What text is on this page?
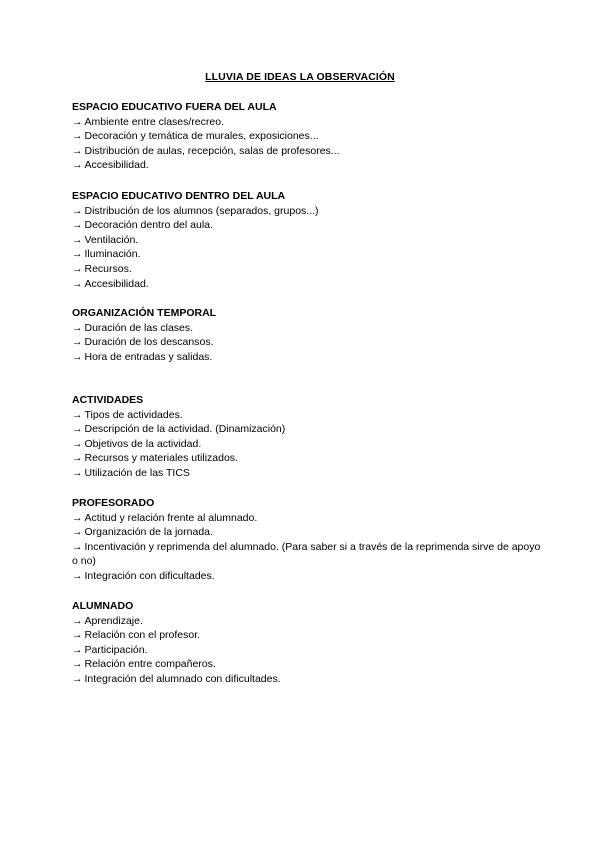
LLUVIA DE IDEAS LA OBSERVACIÓN
ESPACIO EDUCATIVO FUERA DEL AULA
→ Ambiente entre clases/recreo.
→ Decoración y temática de murales, exposiciones...
→ Distribución de aulas, recepción, salas de profesores...
→ Accesibilidad.
ESPACIO EDUCATIVO DENTRO DEL AULA
→ Distribución de los alumnos (separados, grupos...)
→ Decoración dentro del aula.
→ Ventilación.
→ Iluminación.
→ Recursos.
→ Accesibilidad.
ORGANIZACIÓN TEMPORAL
→ Duración de las clases.
→ Duración de los descansos.
→ Hora de entradas y salidas.
ACTIVIDADES
→ Tipos de actividades.
→ Descripción de la actividad. (Dinamización)
→ Objetivos de la actividad.
→ Recursos y materiales utilizados.
→ Utilización de las TICS
PROFESORADO
→ Actitud y relación frente al alumnado.
→ Organización de la jornada.
→ Incentivación y reprimenda del alumnado. (Para saber si a través de la reprimenda sirve de apoyo o no)
→ Integración con dificultades.
ALUMNADO
→ Aprendizaje.
→ Relación con el profesor.
→ Participación.
→ Relación entre compañeros.
→ Integración del alumnado con dificultades.
